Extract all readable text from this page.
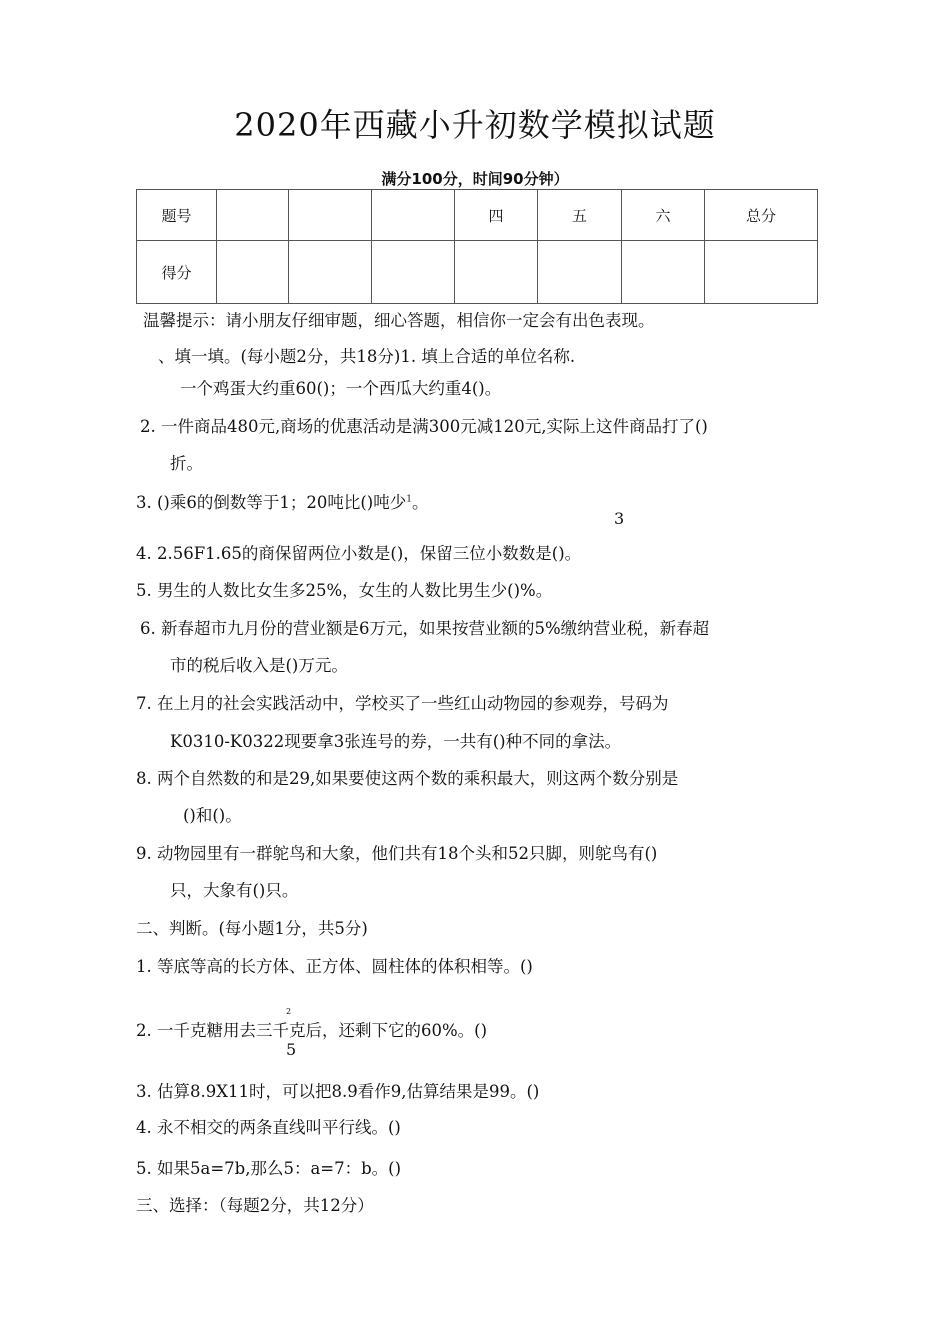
2020年西藏小升初数学模拟试题
满分100分，时间90分钟）
题号				四	五	六	总分
得分							
温馨提示：请小朋友仔细审题，细心答题，相信你一定会有出色表现。
、填一填。(每小题2分，共18分)1. 填上合适的单位名称.
一个鸡蛋大约重60()；一个西瓜大约重4()。
2. 一件商品480元,商场的优惠活动是满300元减120元,实际上这件商品打了()
折。
3. ()乘6的倒数等于1；20吨比()吨少$^1$。
3
4. 2.56F1.65的商保留两位小数是()，保留三位小数数是()。
5. 男生的人数比女生多25%，女生的人数比男生少()%。
6. 新春超市九月份的营业额是6万元，如果按营业额的5%缴纳营业税，新春超
市的税后收入是()万元。
7. 在上月的社会实践活动中，学校买了一些红山动物园的参观券，号码为
K0310-K0322现要拿3张连号的券，一共有()种不同的拿法。
8. 两个自然数的和是29,如果要使这两个数的乘积最大，则这两个数分别是
()和()。
9. 动物园里有一群鸵鸟和大象，他们共有18个头和52只脚，则鸵鸟有()
只，大象有()只。
二、判断。(每小题1分，共5分)
1. 等底等高的长方体、正方体、圆柱体的体积相等。()
2
2. 一千克糖用去三千克后，还剩下它的60%。()
5
3. 估算8.9X11时，可以把8.9看作9,估算结果是99。()
4. 永不相交的两条直线叫平行线。()
5. 如果5a=7b,那么5：a=7：b。()
三、选择：（每题2分，共12分）
